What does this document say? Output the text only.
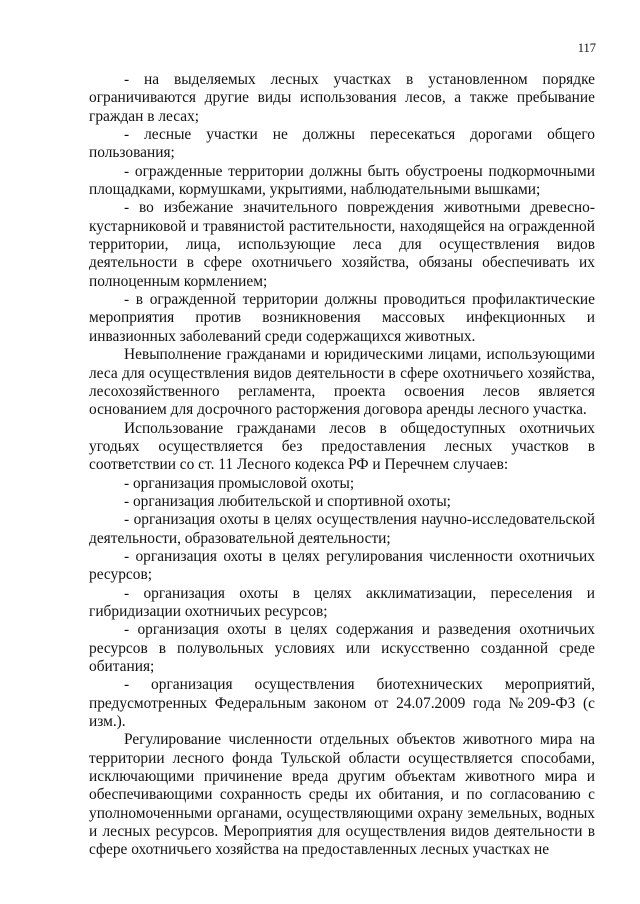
117

- на выделяемых лесных участках в установленном порядке ограничиваются другие виды использования лесов, а также пребывание граждан в лесах;

- лесные участки не должны пересекаться дорогами общего пользования;

- огражденные территории должны быть обустроены подкормочными площадками, кормушками, укрытиями, наблюдательными вышками;

- во избежание значительного повреждения животными древесно-кустарниковой и травянистой растительности, находящейся на огражденной территории, лица, использующие леса для осуществления видов деятельности в сфере охотничьего хозяйства, обязаны обеспечивать их полноценным кормлением;

- в огражденной территории должны проводиться профилактические мероприятия против возникновения массовых инфекционных и инвазионных заболеваний среди содержащихся животных.

Невыполнение гражданами и юридическими лицами, использующими леса для осуществления видов деятельности в сфере охотничьего хозяйства, лесохозяйственного регламента, проекта освоения лесов является основанием для досрочного расторжения договора аренды лесного участка.

Использование гражданами лесов в общедоступных охотничьих угодьях осуществляется без предоставления лесных участков в соответствии со ст. 11 Лесного кодекса РФ и Перечнем случаев:

- организация промысловой охоты;

- организация любительской и спортивной охоты;

- организация охоты в целях осуществления научно-исследовательской деятельности, образовательной деятельности;

- организация охоты в целях регулирования численности охотничьих ресурсов;

- организация охоты в целях акклиматизации, переселения и гибридизации охотничьих ресурсов;

- организация охоты в целях содержания и разведения охотничьих ресурсов в полувольных условиях или искусственно созданной среде обитания;

- организация осуществления биотехнических мероприятий, предусмотренных Федеральным законом от 24.07.2009 года №209-ФЗ (с изм.).

Регулирование численности отдельных объектов животного мира на территории лесного фонда Тульской области осуществляется способами, исключающими причинение вреда другим объектам животного мира и обеспечивающими сохранность среды их обитания, и по согласованию с уполномоченными органами, осуществляющими охрану земельных, водных и лесных ресурсов. Мероприятия для осуществления видов деятельности в сфере охотничьего хозяйства на предоставленных лесных участках не
